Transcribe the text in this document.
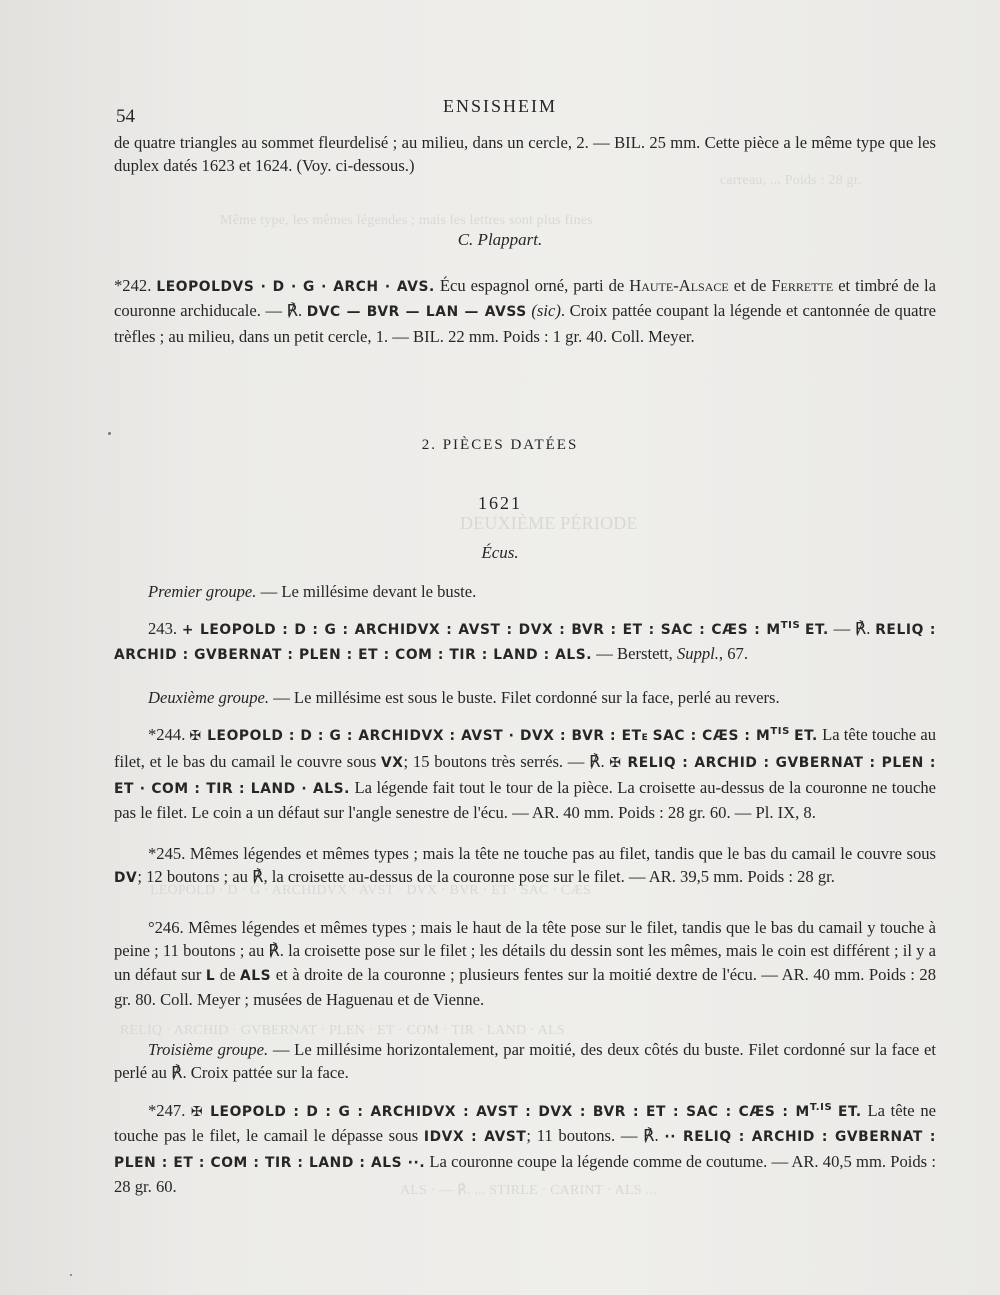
carreau, ... Poids : 28 gr.
Même type, les mêmes légendes ; mais les lettres sont plus fines
DEUXIÈME PÉRIODE
LEOPOLD · D · G · ARCHIDVX · AVST · DVX · BVR · ET · SAC · CÆS
RELIQ · ARCHID · GVBERNAT · PLEN · ET · COM · TIR · LAND · ALS
ALS · — ℟. ... STIRLE · CARINT · ALS ...
54	ENSISHEIM
de quatre triangles au sommet fleurdelisé ; au milieu, dans un cercle, 2. — BIL. 25 mm. Cette pièce a le même type que les duplex datés 1623 et 1624. (Voy. ci-dessous.)
C. Plappart.
*242. LEOPOLDVS · D · G · ARCH · AVS. Écu espagnol orné, parti de Haute-Alsace et de Ferrette et timbré de la couronne archiducale. — ℟. DVC — BVR — LAN — AVSS (sic). Croix pattée coupant la légende et cantonnée de quatre trèfles ; au milieu, dans un petit cercle, 1. — BIL. 22 mm. Poids : 1 gr. 40. Coll. Meyer.
2. PIÈCES DATÉES
1621
Écus.
Premier groupe. — Le millésime devant le buste.
243. + LEOPOLD : D : G : ARCHIDVX : AVST : DVX : BVR : ET : SAC : CÆS : $M^{TIS}$ ET. — ℟. RELIQ : ARCHID : GVBERNAT : PLEN : ET : COM : TIR : LAND : ALS. — Berstett, Suppl., 67.
Deuxième groupe. — Le millésime est sous le buste. Filet cordonné sur la face, perlé au revers.
*244. ✠ LEOPOLD : D : G : ARCHIDVX : AVST · DVX : BVR : ETE SAC : CÆS : $M^{TIS}$ ET. La tête touche au filet, et le bas du camail le couvre sous VX; 15 boutons très serrés. — ℟. ✠ RELIQ : ARCHID : GVBERNAT : PLEN : ET · COM : TIR : LAND · ALS. La légende fait tout le tour de la pièce. La croisette au-dessus de la couronne ne touche pas le filet. Le coin a un défaut sur l'angle senestre de l'écu. — AR. 40 mm. Poids : 28 gr. 60. — Pl. IX, 8.
*245. Mêmes légendes et mêmes types ; mais la tête ne touche pas au filet, tandis que le bas du camail le couvre sous DV; 12 boutons ; au ℟, la croisette au-dessus de la couronne pose sur le filet. — AR. 39,5 mm. Poids : 28 gr.
°246. Mêmes légendes et mêmes types ; mais le haut de la tête pose sur le filet, tandis que le bas du camail y touche à peine ; 11 boutons ; au ℟. la croisette pose sur le filet ; les détails du dessin sont les mêmes, mais le coin est différent ; il y a un défaut sur L de ALS et à droite de la couronne ; plusieurs fentes sur la moitié dextre de l'écu. — AR. 40 mm. Poids : 28 gr. 80. Coll. Meyer ; musées de Haguenau et de Vienne.
Troisième groupe. — Le millésime horizontalement, par moitié, des deux côtés du buste. Filet cordonné sur la face et perlé au ℟. Croix pattée sur la face.
*247. ✠ LEOPOLD : D : G : ARCHIDVX : AVST : DVX : BVR : ET : SAC : CÆS : $M^{T.IS}$ ET. La tête ne touche pas le filet, le camail le dépasse sous IDVX : AVST; 11 boutons. — ℟. ·· RELIQ : ARCHID : GVBERNAT : PLEN : ET : COM : TIR : LAND : ALS ··. La couronne coupe la légende comme de coutume. — AR. 40,5 mm. Poids : 28 gr. 60.
